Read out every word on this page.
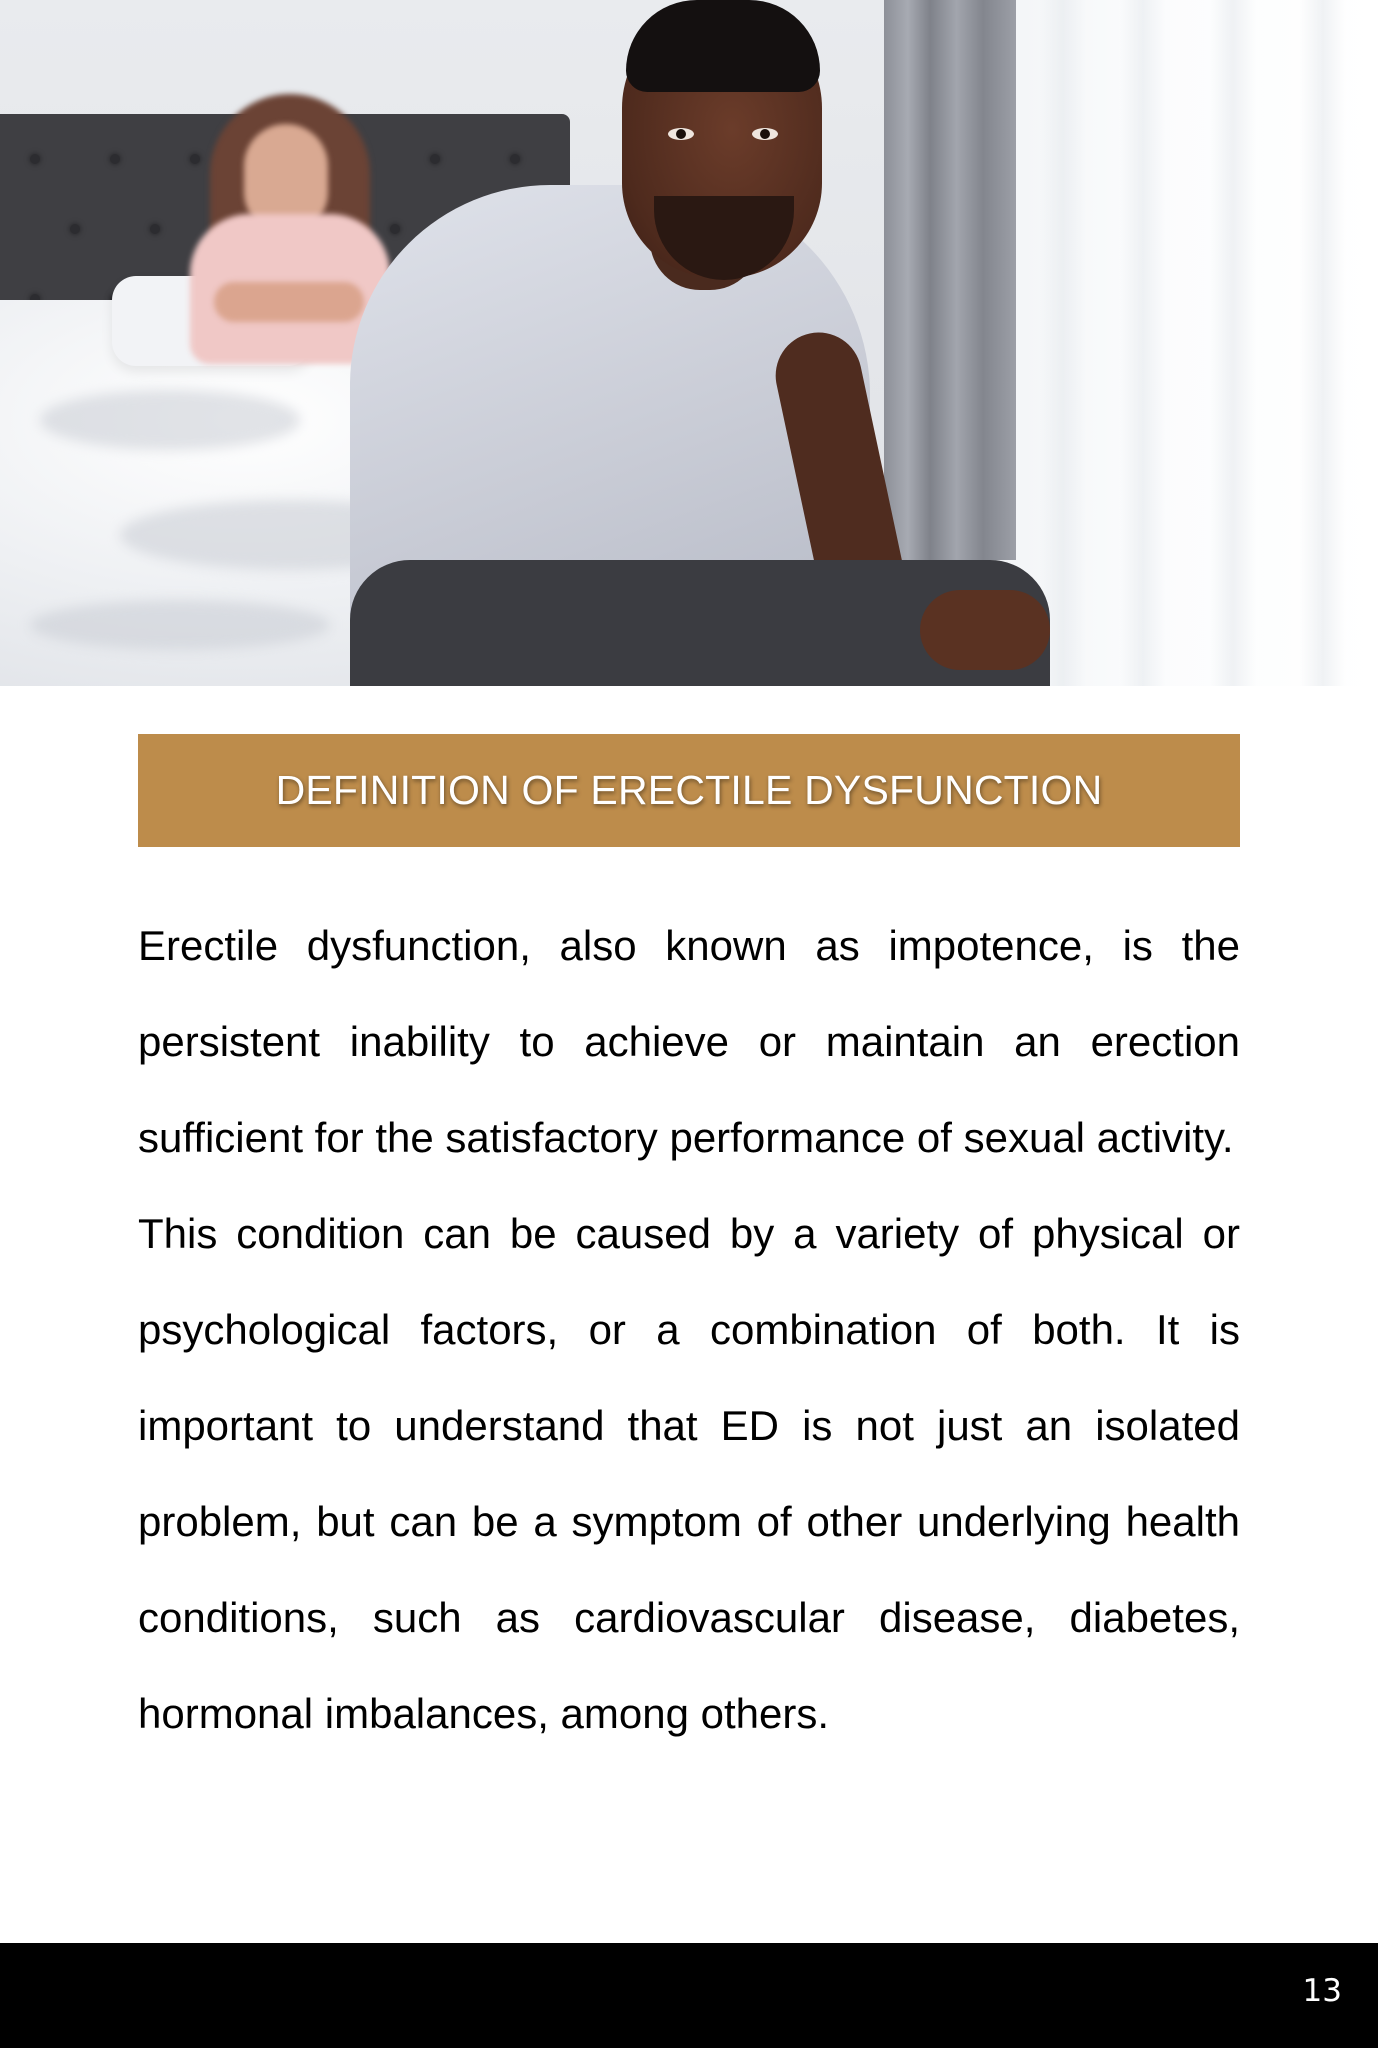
DEFINITION OF ERECTILE DYSFUNCTION

Erectile dysfunction, also known as impotence, is the persistent inability to achieve or maintain an erection sufficient for the satisfactory performance of sexual activity.

This condition can be caused by a variety of physical or psychological factors, or a combination of both. It is important to understand that ED is not just an isolated problem, but can be a symptom of other underlying health conditions, such as cardiovascular disease, diabetes, hormonal imbalances, among others.

13
